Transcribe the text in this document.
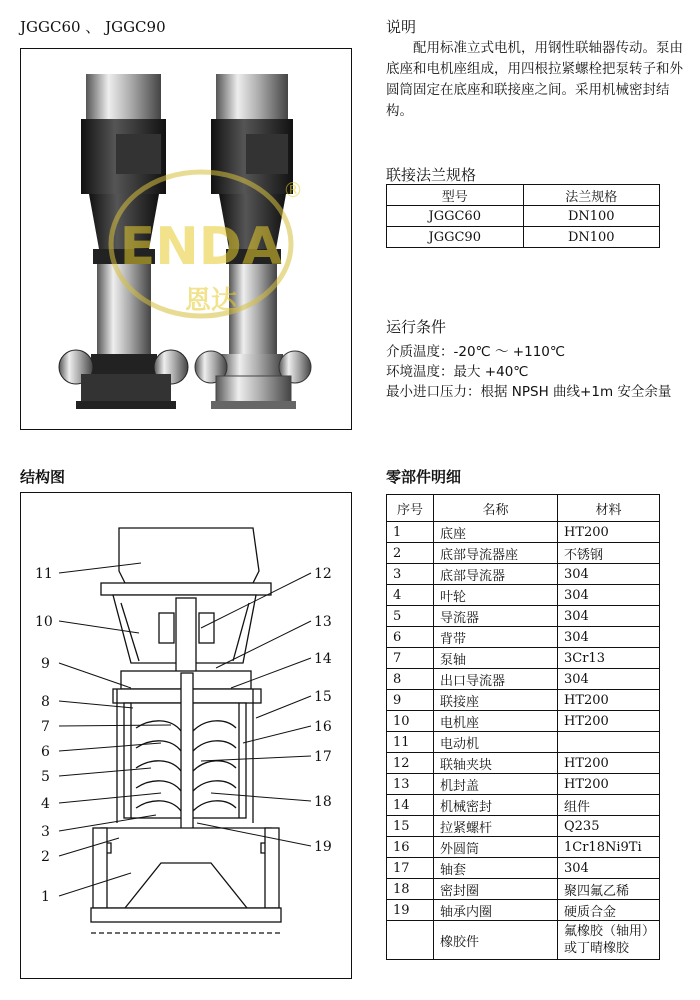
JGGC60 、 JGGC90
ENDA
恩达
®
说明
配用标准立式电机，用钢性联轴器传动。泵由底座和电机座组成，用四根拉紧螺栓把泵转子和外圆筒固定在底座和联接座之间。采用机械密封结构。
联接法兰规格
型号	法兰规格
JGGC60	DN100
JGGC90	DN100
运行条件
介质温度：-20℃ ～ +110℃
环境温度：最大 +40℃
最小进口压力：根据 NPSH 曲线+1m 安全余量
结构图
11
10
9
8
7
6
5
4
3
2
1
12
13
14
15
16
17
18
19
零部件明细
序号	名称	材料
1	底座	HT200
2	底部导流器座	不锈钢
3	底部导流器	304
4	叶轮	304
5	导流器	304
6	背带	304
7	泵轴	3Cr13
8	出口导流器	304
9	联接座	HT200
10	电机座	HT200
11	电动机	
12	联轴夹块	HT200
13	机封盖	HT200
14	机械密封	组件
15	拉紧螺杆	Q235
16	外圆筒	1Cr18Ni9Ti
17	轴套	304
18	密封圈	聚四氟乙稀
19	轴承内圈	硬质合金
	橡胶件	氟橡胶（轴用）
或丁晴橡胶
